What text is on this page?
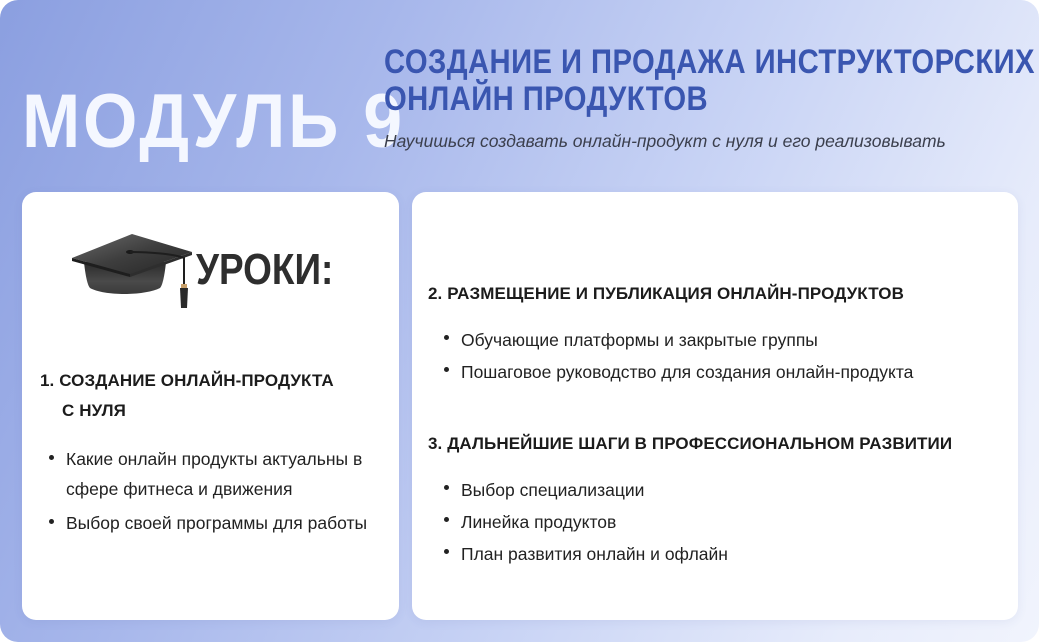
МОДУЛЬ 9
СОЗДАНИЕ И ПРОДАЖА ИНСТРУКТОРСКИХ
ОНЛАЙН ПРОДУКТОВ

Научишься создавать онлайн-продукт с нуля и его реализовывать

УРОКИ:
1. СОЗДАНИЕ ОНЛАЙН-ПРОДУКТА
С НУЛЯ
Какие онлайн продукты актуальны в сфере фитнеса и движения
Выбор своей программы для работы
2. РАЗМЕЩЕНИЕ И ПУБЛИКАЦИЯ ОНЛАЙН-ПРОДУКТОВ
Обучающие платформы и закрытые группы
Пошаговое руководство для создания онлайн-продукта
3. ДАЛЬНЕЙШИЕ ШАГИ В ПРОФЕССИОНАЛЬНОМ РАЗВИТИИ
Выбор специализации
Линейка продуктов
План развития онлайн и офлайн
